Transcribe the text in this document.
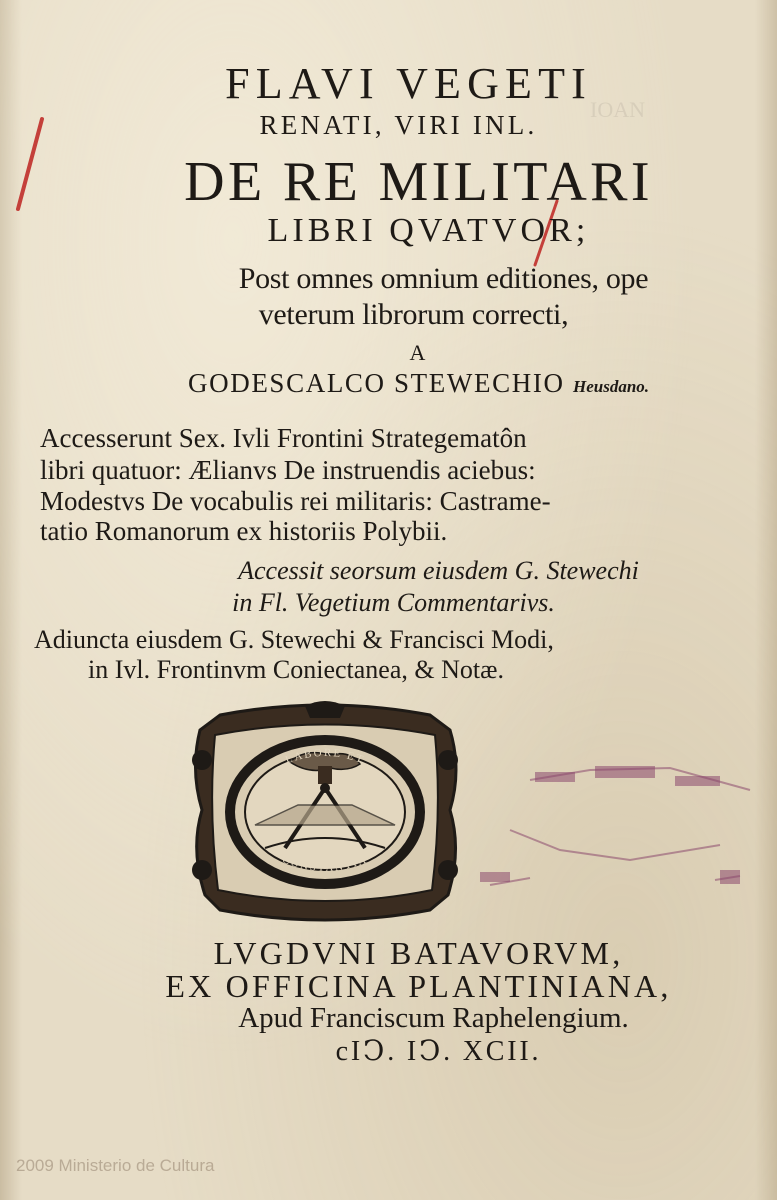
IOAN
FLAVI VEGETI
RENATI, VIRI INL.
DE RE MILITARI
LIBRI QVATVOR;
Post omnes omnium editiones, ope
veterum librorum correcti,
A
GODESCALCO STEWECHIO Heusdano.
Accesserunt Sex. Ivli Frontini Strategematôn
libri quatuor: Ælianvs De instruendis aciebus:
Modestvs De vocabulis rei militaris: Castrame-
tatio Romanorum ex historiis Polybii.
Accessit seorsum eiusdem G. Stewechi
in Fl. Vegetium Commentarivs.
Adiuncta eiusdem G. Stewechi & Francisci Modi,
in Ivl. Frontinvm Coniectanea, & Notæ.
LABORE ET
CONSTANTIA
LVGDVNI BATAVORVM,
EX OFFICINA PLANTINIANA,
Apud Franciscum Raphelengium.
cIↃ. IↃ. XCII.
2009 Ministerio de Cultura
